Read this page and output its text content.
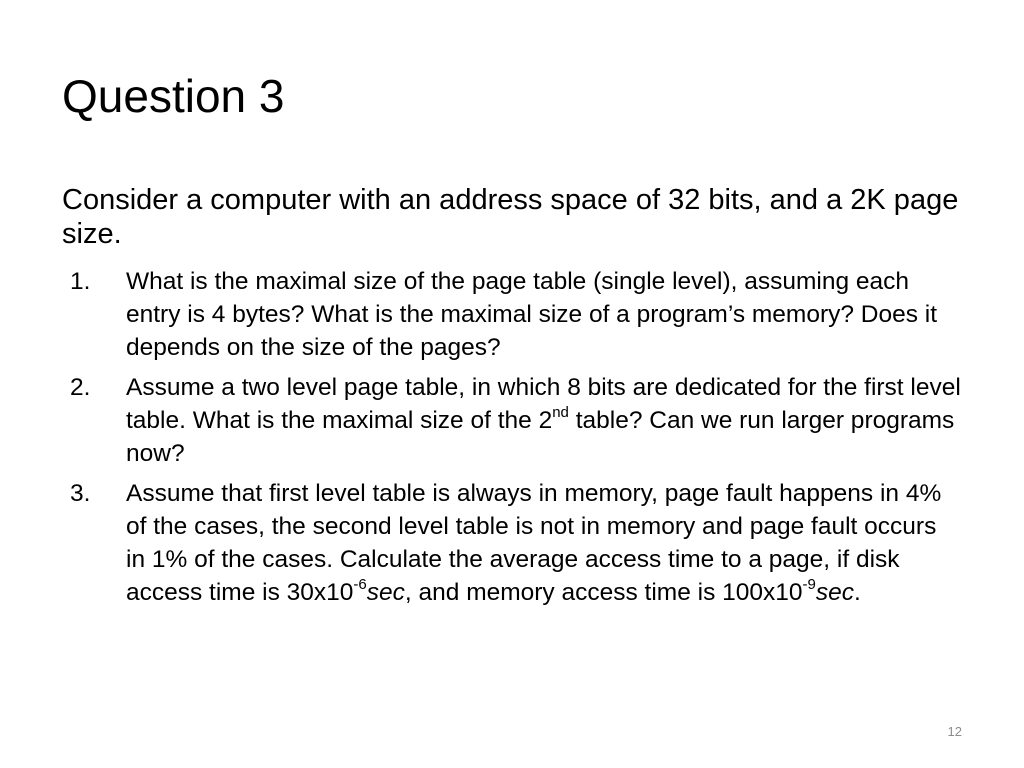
Question 3

Consider a computer with an address space of 32 bits, and a 2K page size.

1. What is the maximal size of the page table (single level), assuming each entry is 4 bytes? What is the maximal size of a program’s memory? Does it depends on the size of the pages?
2. Assume a two level page table, in which 8 bits are dedicated for the first level table. What is the maximal size of the 2nd table? Can we run larger programs now?
3. Assume that first level table is always in memory, page fault happens in 4% of the cases, the second level table is not in memory and page fault occurs in 1% of the cases. Calculate the average access time to a page, if disk access time is $30x10^{-6}\sec$, and memory access time is $100x10^{-9}\sec$.
12
